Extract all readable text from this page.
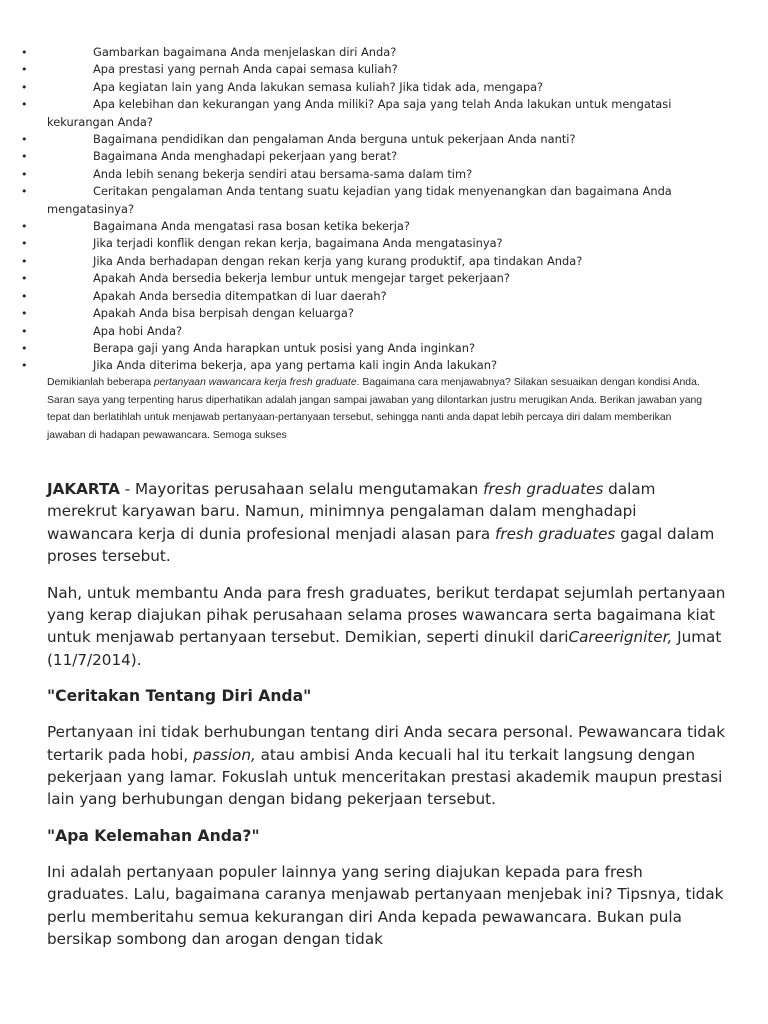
•	Gambarkan bagaimana Anda menjelaskan diri Anda?
•	Apa prestasi yang pernah Anda capai semasa kuliah?
•	Apa kegiatan lain yang Anda lakukan semasa kuliah? Jika tidak ada, mengapa?
•	Apa kelebihan dan kekurangan yang Anda miliki? Apa saja yang telah Anda lakukan untuk mengatasi kekurangan Anda?
•	Bagaimana pendidikan dan pengalaman Anda berguna untuk pekerjaan Anda nanti?
•	Bagaimana Anda menghadapi pekerjaan yang berat?
•	Anda lebih senang bekerja sendiri atau bersama-sama dalam tim?
•	Ceritakan pengalaman Anda tentang suatu kejadian yang tidak menyenangkan dan bagaimana Anda mengatasinya?
•	Bagaimana Anda mengatasi rasa bosan ketika bekerja?
•	Jika terjadi konflik dengan rekan kerja, bagaimana Anda mengatasinya?
•	Jika Anda berhadapan dengan rekan kerja yang kurang produktif, apa tindakan Anda?
•	Apakah Anda bersedia bekerja lembur untuk mengejar target pekerjaan?
•	Apakah Anda bersedia ditempatkan di luar daerah?
•	Apakah Anda bisa berpisah dengan keluarga?
•	Apa hobi Anda?
•	Berapa gaji yang Anda harapkan untuk posisi yang Anda inginkan?
•	Jika Anda diterima bekerja, apa yang pertama kali ingin Anda lakukan?

Demikianlah beberapa pertanyaan wawancara kerja fresh graduate. Bagaimana cara menjawabnya? Silakan sesuaikan dengan kondisi Anda. Saran saya yang terpenting harus diperhatikan adalah jangan sampai jawaban yang dilontarkan justru merugikan Anda. Berikan jawaban yang tepat dan berlatihlah untuk menjawab pertanyaan-pertanyaan tersebut, sehingga nanti anda dapat lebih percaya diri dalam memberikan jawaban di hadapan pewawancara. Semoga sukses

JAKARTA - Mayoritas perusahaan selalu mengutamakan fresh graduates dalam merekrut karyawan baru. Namun, minimnya pengalaman dalam menghadapi wawancara kerja di dunia profesional menjadi alasan para fresh graduates gagal dalam proses tersebut.

Nah, untuk membantu Anda para fresh graduates, berikut terdapat sejumlah pertanyaan yang kerap diajukan pihak perusahaan selama proses wawancara serta bagaimana kiat untuk menjawab pertanyaan tersebut. Demikian, seperti dinukil dariCareerigniter, Jumat (11/7/2014).

"Ceritakan Tentang Diri Anda"

Pertanyaan ini tidak berhubungan tentang diri Anda secara personal. Pewawancara tidak tertarik pada hobi, passion, atau ambisi Anda kecuali hal itu terkait langsung dengan pekerjaan yang lamar. Fokuslah untuk menceritakan prestasi akademik maupun prestasi lain yang berhubungan dengan bidang pekerjaan tersebut.

"Apa Kelemahan Anda?"

Ini adalah pertanyaan populer lainnya yang sering diajukan kepada para fresh graduates. Lalu, bagaimana caranya menjawab pertanyaan menjebak ini? Tipsnya, tidak perlu memberitahu semua kekurangan diri Anda kepada pewawancara. Bukan pula bersikap sombong dan arogan dengan tidak
